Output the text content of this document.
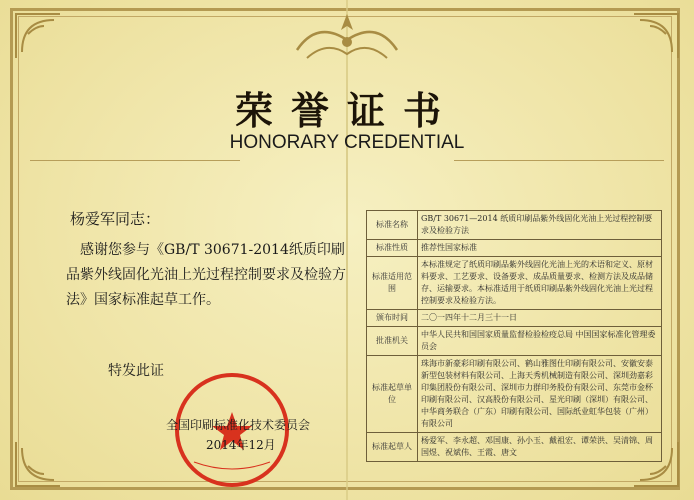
荣誉证书
HONORARY CREDENTIAL
杨爱军同志：
感谢您参与《GB/T 30671-2014纸质印刷品紫外线固化光油上光过程控制要求及检验方法》国家标准起草工作。
特发此证
全国印刷标准化技术委员会
2014年12月
标准名称	GB/T 30671—2014 纸质印刷品紫外线固化光油上光过程控制要求及检验方法
标准性质	推荐性国家标准
标准适用范围	本标准规定了纸质印刷品紫外线固化光油上光的术语和定义、原材料要求、工艺要求、设备要求、成品质量要求、检测方法及成品储存、运输要求。本标准适用于纸质印刷品紫外线固化光油上光过程控制要求及检验方法。
颁布时间	二〇一四年十二月三十一日
批准机关	中华人民共和国国家质量监督检验检疫总局 中国国家标准化管理委员会
标准起草单位	珠海市新豪彩印刷有限公司、鹤山雅图仕印刷有限公司、安徽安泰新型包装材料有限公司、上海天秀机械制造有限公司、深圳劲嘉彩印集团股份有限公司、深圳市力群印务股份有限公司、东莞市金杯印刷有限公司、汉高股份有限公司、星光印刷（深圳）有限公司、中华商务联合（广东）印刷有限公司、国际纸业虹华包装（广州）有限公司
标准起草人	杨爱军、李永超、邓国康、孙小玉、戴祖宏、谭荣洪、吴清锦、周国煜、祝斌伟、王霞、唐文
